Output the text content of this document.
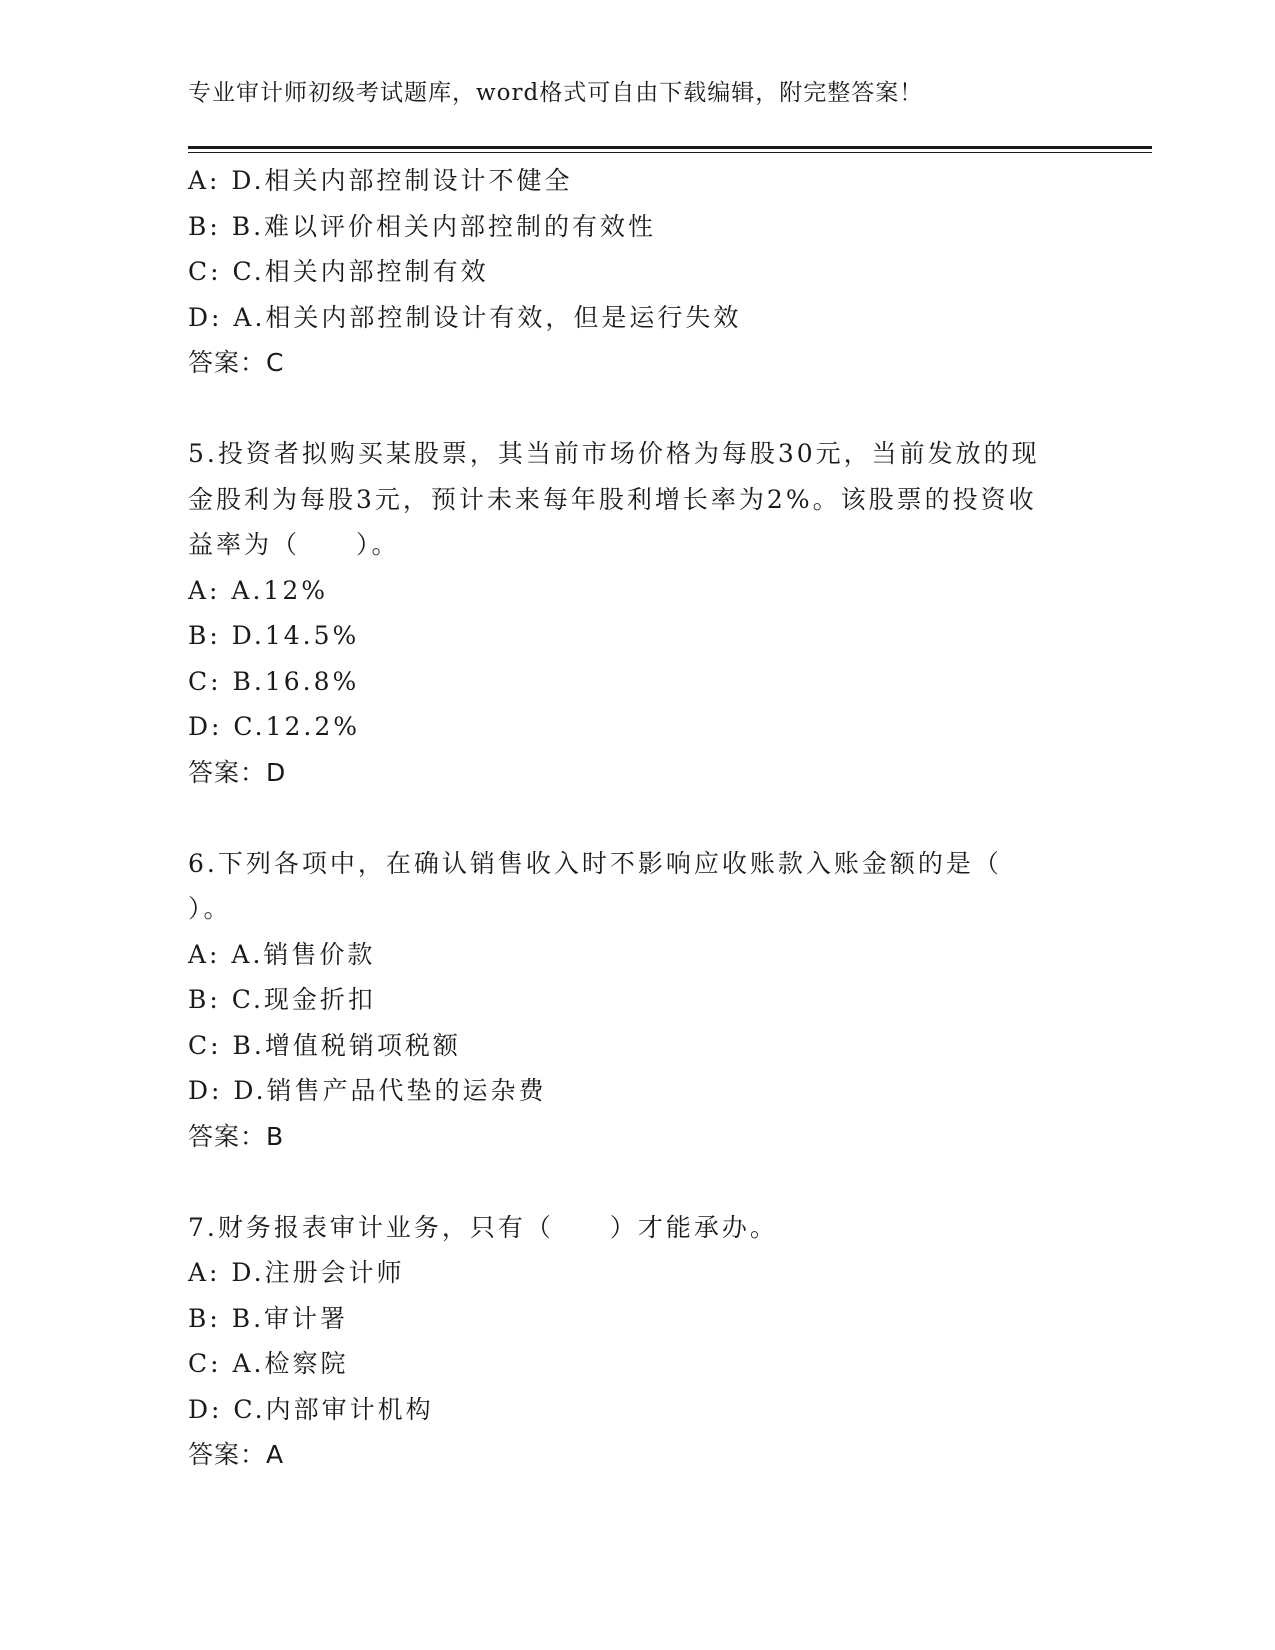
专业审计师初级考试题库，word格式可自由下载编辑，附完整答案！
A: D.相关内部控制设计不健全
B: B.难以评价相关内部控制的有效性
C: C.相关内部控制有效
D: A.相关内部控制设计有效，但是运行失效
答案：C
5.投资者拟购买某股票，其当前市场价格为每股30元，当前发放的现
金股利为每股3元，预计未来每年股利增长率为2%。该股票的投资收
益率为（　　）。
A: A.12%
B: D.14.5%
C: B.16.8%
D: C.12.2%
答案：D
6.下列各项中，在确认销售收入时不影响应收账款入账金额的是（
）。
A: A.销售价款
B: C.现金折扣
C: B.增值税销项税额
D: D.销售产品代垫的运杂费
答案：B
7.财务报表审计业务，只有（　　）才能承办。
A: D.注册会计师
B: B.审计署
C: A.检察院
D: C.内部审计机构
答案：A
